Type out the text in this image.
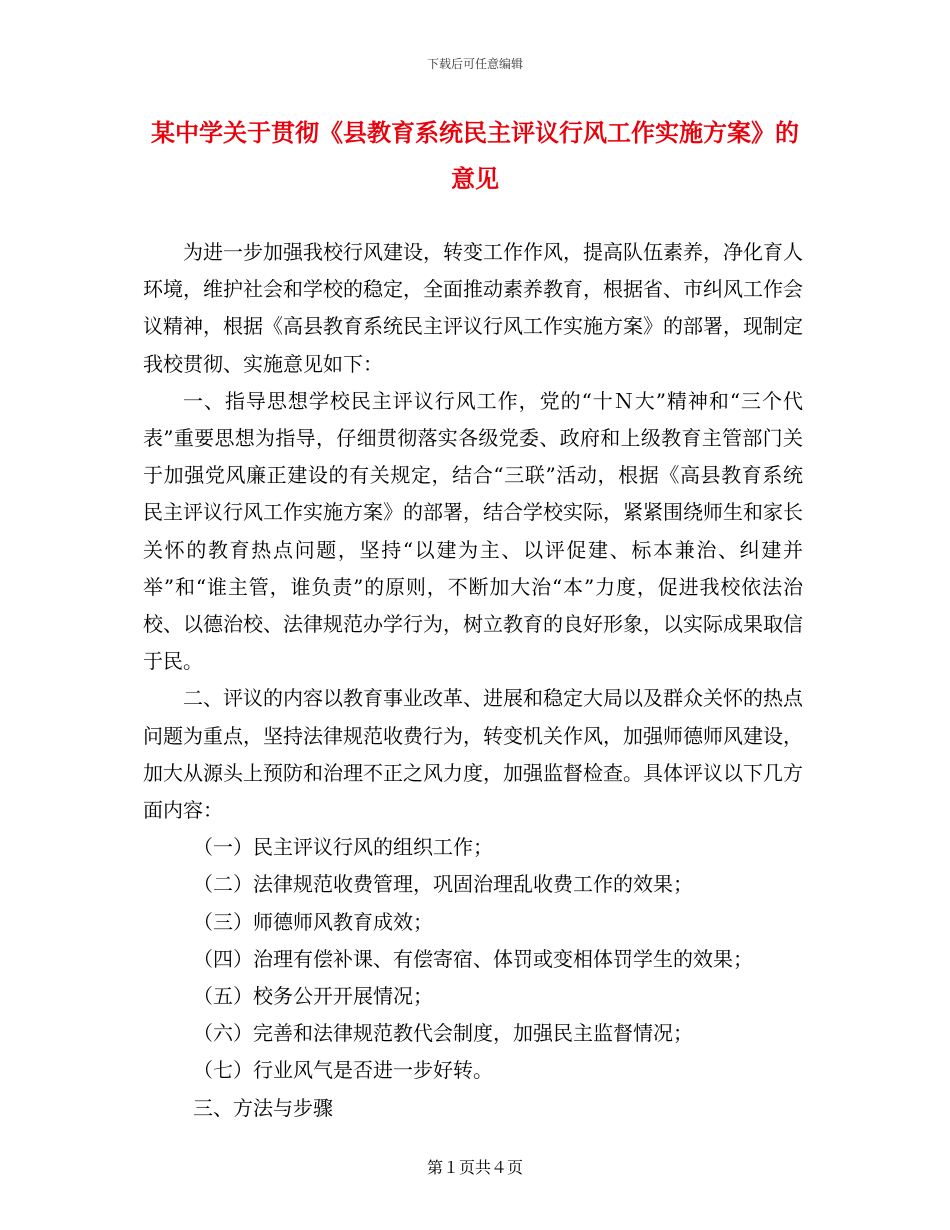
下载后可任意编辑
某中学关于贯彻《县教育系统民主评议行风工作实施方案》的意见

为进一步加强我校行风建设，转变工作作风，提高队伍素养，净化育人环境，维护社会和学校的稳定，全面推动素养教育，根据省、市纠风工作会议精神，根据《高县教育系统民主评议行风工作实施方案》的部署，现制定我校贯彻、实施意见如下：

一、指导思想学校民主评议行风工作，党的“十Ｎ大”精神和“三个代表”重要思想为指导，仔细贯彻落实各级党委、政府和上级教育主管部门关于加强党风廉正建设的有关规定，结合“三联”活动，根据《高县教育系统民主评议行风工作实施方案》的部署，结合学校实际，紧紧围绕师生和家长关怀的教育热点问题，坚持“以建为主、以评促建、标本兼治、纠建并举”和“谁主管，谁负责”的原则，不断加大治“本”力度，促进我校依法治校、以德治校、法律规范办学行为，树立教育的良好形象，以实际成果取信于民。

二、评议的内容以教育事业改革、进展和稳定大局以及群众关怀的热点问题为重点，坚持法律规范收费行为，转变机关作风，加强师德师风建设，加大从源头上预防和治理不正之风力度，加强监督检查。具体评议以下几方面内容：

（一）民主评议行风的组织工作；

（二）法律规范收费管理，巩固治理乱收费工作的效果；

（三）师德师风教育成效；

（四）治理有偿补课、有偿寄宿、体罚或变相体罚学生的效果；

（五）校务公开开展情况；

（六）完善和法律规范教代会制度，加强民主监督情况；

（七）行业风气是否进一步好转。

三、方法与步骤

第１页共４页
